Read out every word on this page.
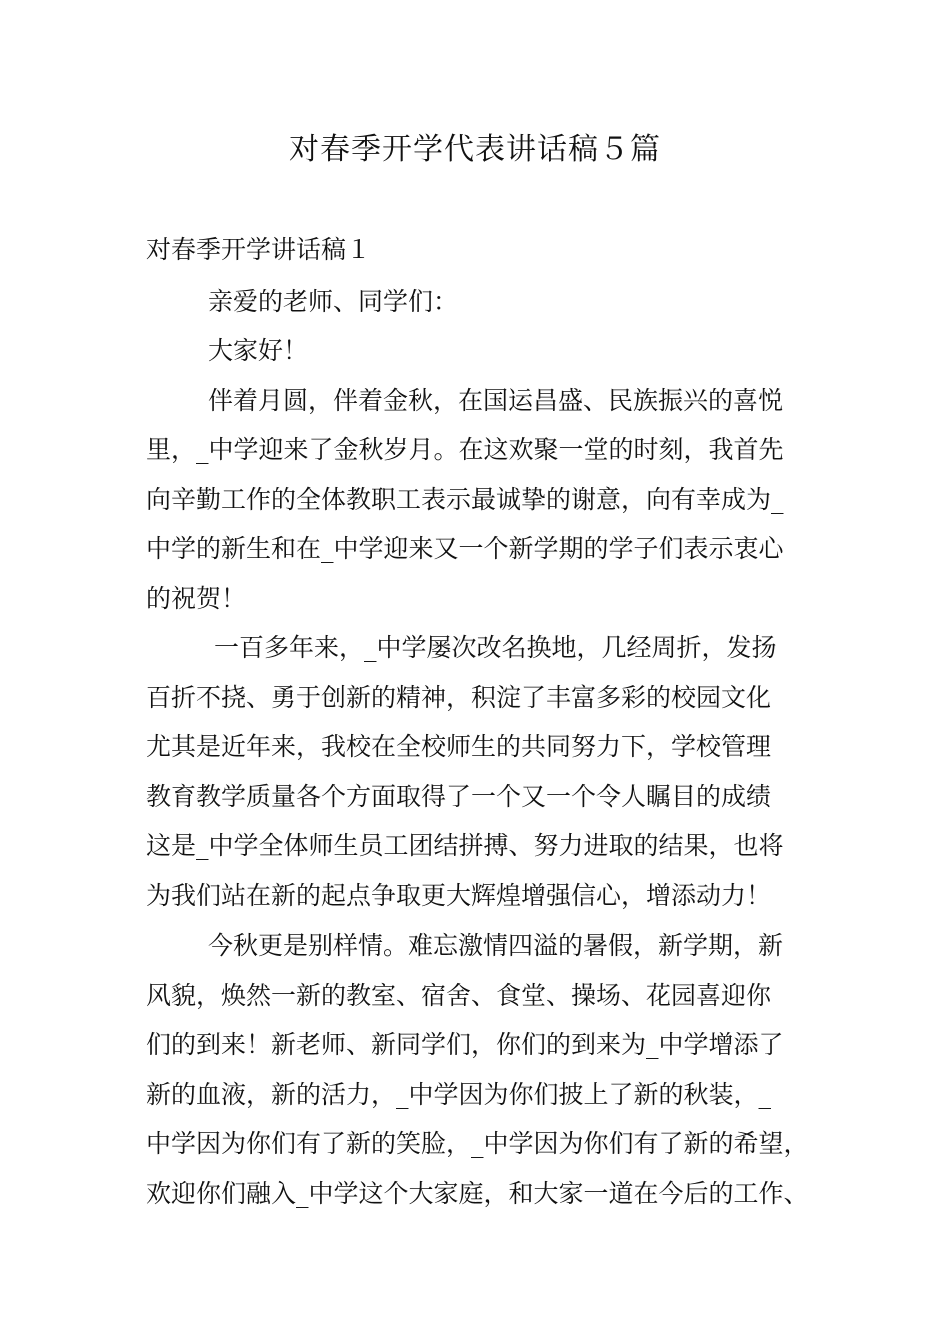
对春季开学代表讲话稿５篇
对春季开学讲话稿１
亲爱的老师、同学们：
大家好！
伴着月圆，伴着金秋，在国运昌盛、民族振兴的喜悦
里，_中学迎来了金秋岁月。在这欢聚一堂的时刻，我首先
向辛勤工作的全体教职工表示最诚挚的谢意，向有幸成为_
中学的新生和在_中学迎来又一个新学期的学子们表示衷心
的祝贺！
一百多年来，_中学屡次改名换地，几经周折，发扬
百折不挠、勇于创新的精神，积淀了丰富多彩的校园文化
尤其是近年来，我校在全校师生的共同努力下，学校管理
教育教学质量各个方面取得了一个又一个令人瞩目的成绩
这是_中学全体师生员工团结拼搏、努力进取的结果，也将
为我们站在新的起点争取更大辉煌增强信心，增添动力！
今秋更是别样情。难忘激情四溢的暑假，新学期，新
风貌，焕然一新的教室、宿舍、食堂、操场、花园喜迎你
们的到来！新老师、新同学们，你们的到来为_中学增添了
新的血液，新的活力，_中学因为你们披上了新的秋装，_
中学因为你们有了新的笑脸，_中学因为你们有了新的希望，
欢迎你们融入_中学这个大家庭，和大家一道在今后的工作、
